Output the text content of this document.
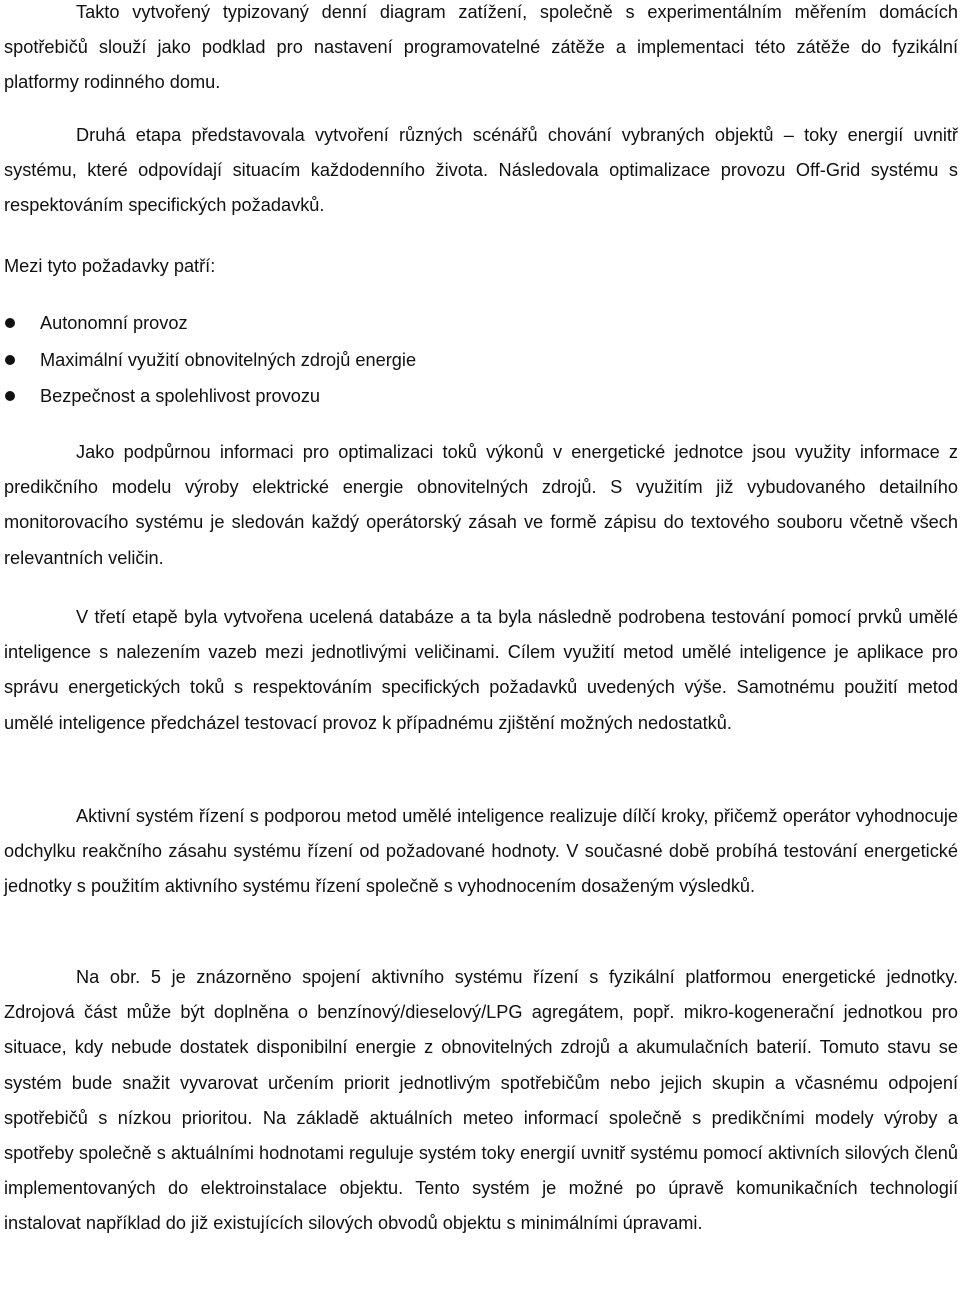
Takto vytvořený typizovaný denní diagram zatížení, společně s experimentálním měřením domácích spotřebičů slouží jako podklad pro nastavení programovatelné zátěže a implementaci této zátěže do fyzikální platformy rodinného domu.

Druhá etapa představovala vytvoření různých scénářů chování vybraných objektů – toky energií uvnitř systému, které odpovídají situacím každodenního života. Následovala optimalizace provozu Off-Grid systému s respektováním specifických požadavků.

Mezi tyto požadavky patří:

Autonomní provoz
Maximální využití obnovitelných zdrojů energie
Bezpečnost a spolehlivost provozu

Jako podpůrnou informaci pro optimalizaci toků výkonů v energetické jednotce jsou využity informace z predikčního modelu výroby elektrické energie obnovitelných zdrojů. S využitím již vybudovaného detailního monitorovacího systému je sledován každý operátorský zásah ve formě zápisu do textového souboru včetně všech relevantních veličin.

V třetí etapě byla vytvořena ucelená databáze a ta byla následně podrobena testování pomocí prvků umělé inteligence s nalezením vazeb mezi jednotlivými veličinami. Cílem využití metod umělé inteligence je aplikace pro správu energetických toků s respektováním specifických požadavků uvedených výše. Samotnému použití metod umělé inteligence předcházel testovací provoz k případnému zjištění možných nedostatků.

Aktivní systém řízení s podporou metod umělé inteligence realizuje dílčí kroky, přičemž operátor vyhodnocuje odchylku reakčního zásahu systému řízení od požadované hodnoty. V současné době probíhá testování energetické jednotky s použitím aktivního systému řízení společně s vyhodnocením dosaženým výsledků.

Na obr. 5 je znázorněno spojení aktivního systému řízení s fyzikální platformou energetické jednotky. Zdrojová část může být doplněna o benzínový/dieselový/LPG agregátem, popř. mikro-kogenerační jednotkou pro situace, kdy nebude dostatek disponibilní energie z obnovitelných zdrojů a akumulačních baterií. Tomuto stavu se systém bude snažit vyvarovat určením priorit jednotlivým spotřebičům nebo jejich skupin a včasnému odpojení spotřebičů s nízkou prioritou. Na základě aktuálních meteo informací společně s predikčními modely výroby a spotřeby společně s aktuálními hodnotami reguluje systém toky energií uvnitř systému pomocí aktivních silových členů implementovaných do elektroinstalace objektu. Tento systém je možné po úpravě komunikačních technologií instalovat například do již existujících silových obvodů objektu s minimálními úpravami.
